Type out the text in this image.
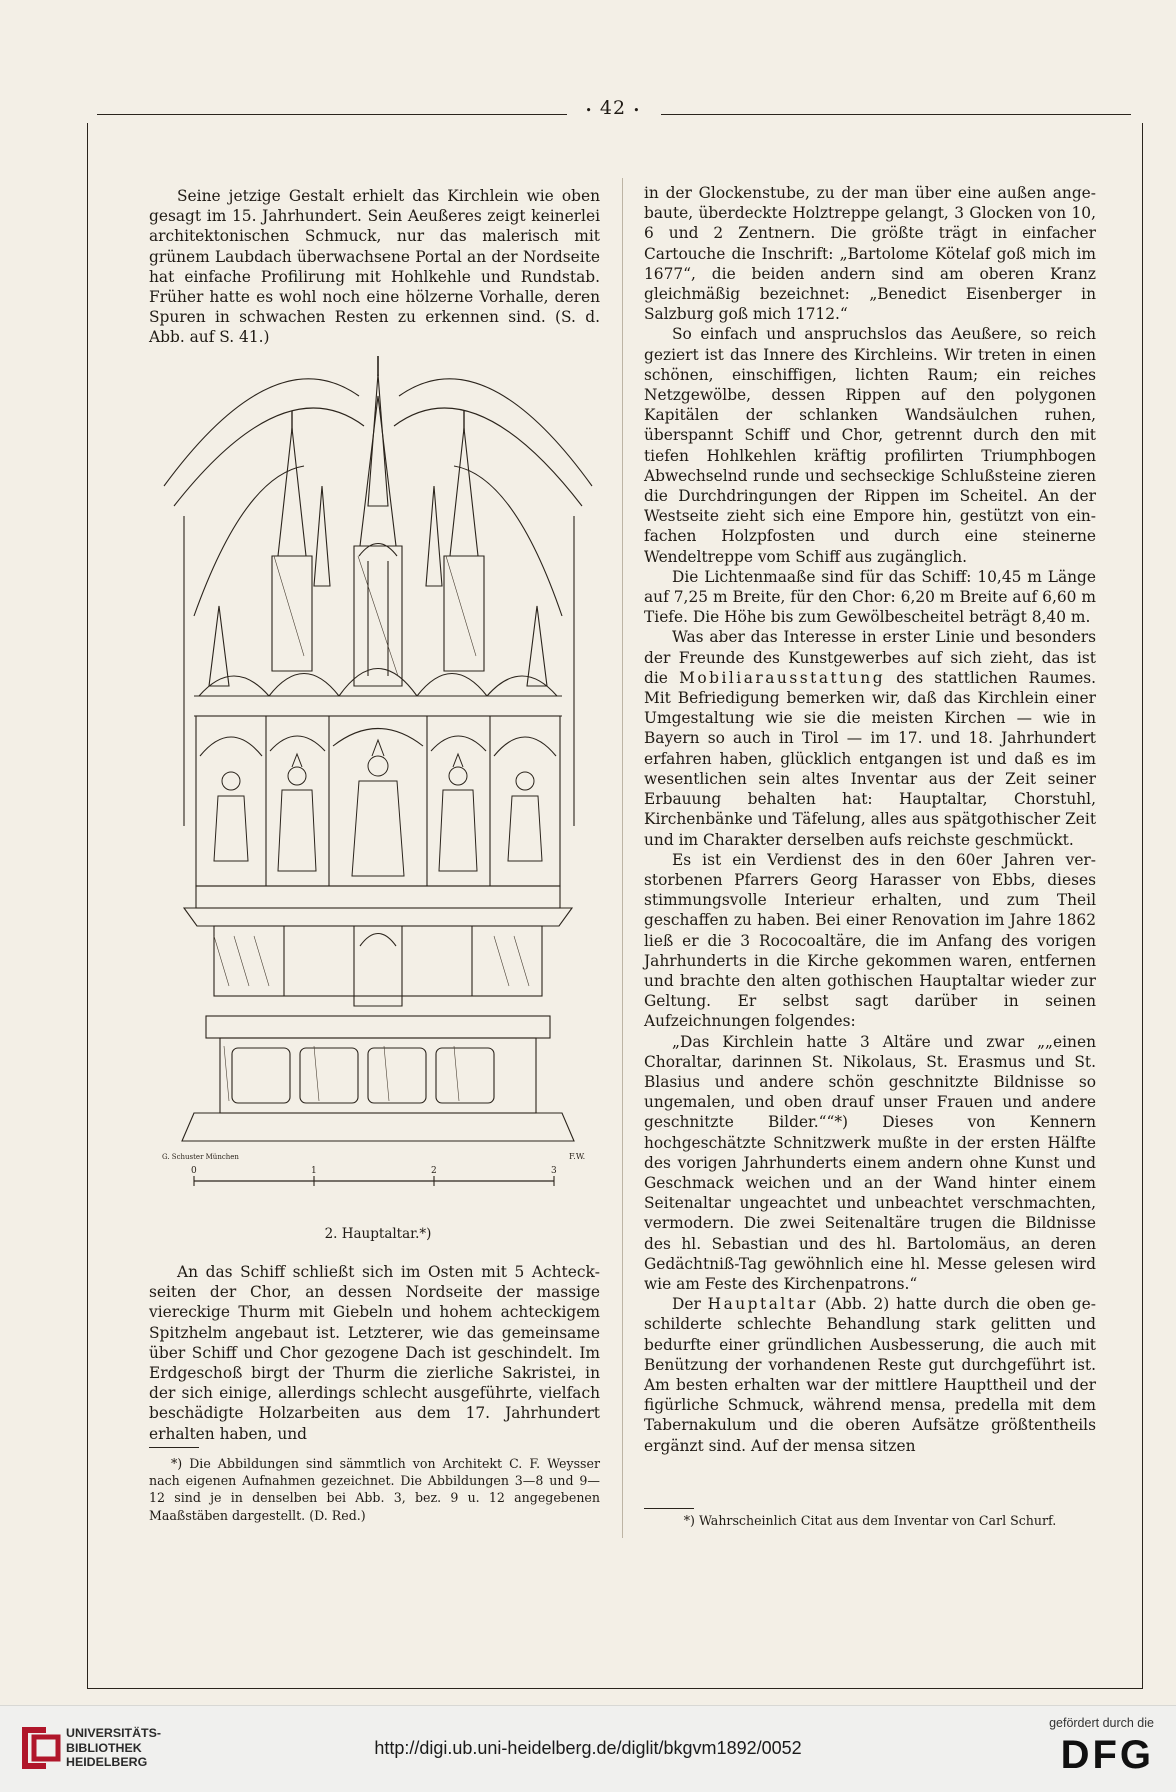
• 42 •

Seine jetzige Gestalt erhielt das Kirchlein wie oben gesagt im 15. Jahrhundert. Sein Aeußeres zeigt keinerlei architektonischen Schmuck, nur das malerisch mit grünem Laubdach überwachsene Portal an der Nordseite hat einfache Profilirung mit Hohlkehle und Rundstab. Früher hatte es wohl noch eine hölzerne Vorhalle, deren Spuren in schwachen Resten zu erkennen sind. (S. d. Abb. auf S. 41.)

0	1	2	3
G. Schuster München	F.W.
2. Hauptaltar.*)

An das Schiff schließt sich im Osten mit 5 Achteckseiten der Chor, an dessen Nordseite der massige viereckige Thurm mit Giebeln und hohem achteckigem Spitzhelm angebaut ist. Letzterer, wie das gemeinsame über Schiff und Chor gezogene Dach ist geschindelt. Im Erdgeschoß birgt der Thurm die zierliche Sakristei, in der sich einige, allerdings schlecht ausgeführte, vielfach beschädigte Holzarbeiten aus dem 17. Jahrhundert erhalten haben, und

*) Die Abbildungen sind sämmtlich von Architekt C. F. Weysser nach eigenen Aufnahmen gezeichnet. Die Abbildungen 3—8 und 9—12 sind je in denselben bei Abb. 3, bez. 9 u. 12 angegebenen Maaßstäben dargestellt. (D. Red.)

in der Glockenstube, zu der man über eine außen angebaute, überdeckte Holztreppe gelangt, 3 Glocken von 10, 6 und 2 Zentnern. Die größte trägt in einfacher Cartouche die Inschrift: „Bartolome Kötelaf goß mich im 1677“, die beiden andern sind am oberen Kranz gleichmäßig bezeichnet: „Benedict Eisenberger in Salzburg goß mich 1712.“

So einfach und anspruchslos das Aeußere, so reich geziert ist das Innere des Kirchleins. Wir treten in einen schönen, einschiffigen, lichten Raum; ein reiches Netzgewölbe, dessen Rippen auf den polygonen Kapitälen der schlanken Wandsäulchen ruhen, überspannt Schiff und Chor, getrennt durch den mit tiefen Hohlkehlen kräftig profilirten Triumphbogen Abwechselnd runde und sechseckige Schlußsteine zieren die Durchdringungen der Rippen im Scheitel. An der Westseite zieht sich eine Empore hin, gestützt von einfachen Holzpfosten und durch eine steinerne Wendeltreppe vom Schiff aus zugänglich.

Die Lichtenmaaße sind für das Schiff: 10,45 m Länge auf 7,25 m Breite, für den Chor: 6,20 m Breite auf 6,60 m Tiefe. Die Höhe bis zum Gewölbescheitel beträgt 8,40 m.

Was aber das Interesse in erster Linie und besonders der Freunde des Kunstgewerbes auf sich zieht, das ist die Mobiliarausstattung des stattlichen Raumes. Mit Befriedigung bemerken wir, daß das Kirchlein einer Umgestaltung wie sie die meisten Kirchen — wie in Bayern so auch in Tirol — im 17. und 18. Jahrhundert erfahren haben, glücklich entgangen ist und daß es im wesentlichen sein altes Inventar aus der Zeit seiner Erbauung behalten hat: Hauptaltar, Chorstuhl, Kirchenbänke und Täfelung, alles aus spätgothischer Zeit und im Charakter derselben aufs reichste geschmückt.

Es ist ein Verdienst des in den 60er Jahren verstorbenen Pfarrers Georg Harasser von Ebbs, dieses stimmungsvolle Interieur erhalten, und zum Theil geschaffen zu haben. Bei einer Renovation im Jahre 1862 ließ er die 3 Rococoaltäre, die im Anfang des vorigen Jahrhunderts in die Kirche gekommen waren, entfernen und brachte den alten gothischen Hauptaltar wieder zur Geltung. Er selbst sagt darüber in seinen Aufzeichnungen folgendes:

„Das Kirchlein hatte 3 Altäre und zwar „„einen Choraltar, darinnen St. Nikolaus, St. Erasmus und St. Blasius und andere schön geschnitzte Bildnisse so ungemalen, und oben drauf unser Frauen und andere geschnitzte Bilder.““*) Dieses von Kennern hochgeschätzte Schnitzwerk mußte in der ersten Hälfte des vorigen Jahrhunderts einem andern ohne Kunst und Geschmack weichen und an der Wand hinter einem Seitenaltar ungeachtet und unbeachtet verschmachten, vermodern. Die zwei Seitenaltäre trugen die Bildnisse des hl. Sebastian und des hl. Bartolomäus, an deren Gedächtniß-Tag gewöhnlich eine hl. Messe gelesen wird wie am Feste des Kirchenpatrons.“

Der Hauptaltar (Abb. 2) hatte durch die oben geschilderte schlechte Behandlung stark gelitten und bedurfte einer gründlichen Ausbesserung, die auch mit Benützung der vorhandenen Reste gut durchgeführt ist. Am besten erhalten war der mittlere Haupttheil und der figürliche Schmuck, während mensa, predella mit dem Tabernakulum und die oberen Aufsätze größtentheils ergänzt sind. Auf der mensa sitzen

*) Wahrscheinlich Citat aus dem Inventar von Carl Schurf.

UNIVERSITÄTS-
BIBLIOTHEK
HEIDELBERG
http://digi.ub.uni-heidelberg.de/diglit/bkgvm1892/0052
gefördert durch die
DFG
